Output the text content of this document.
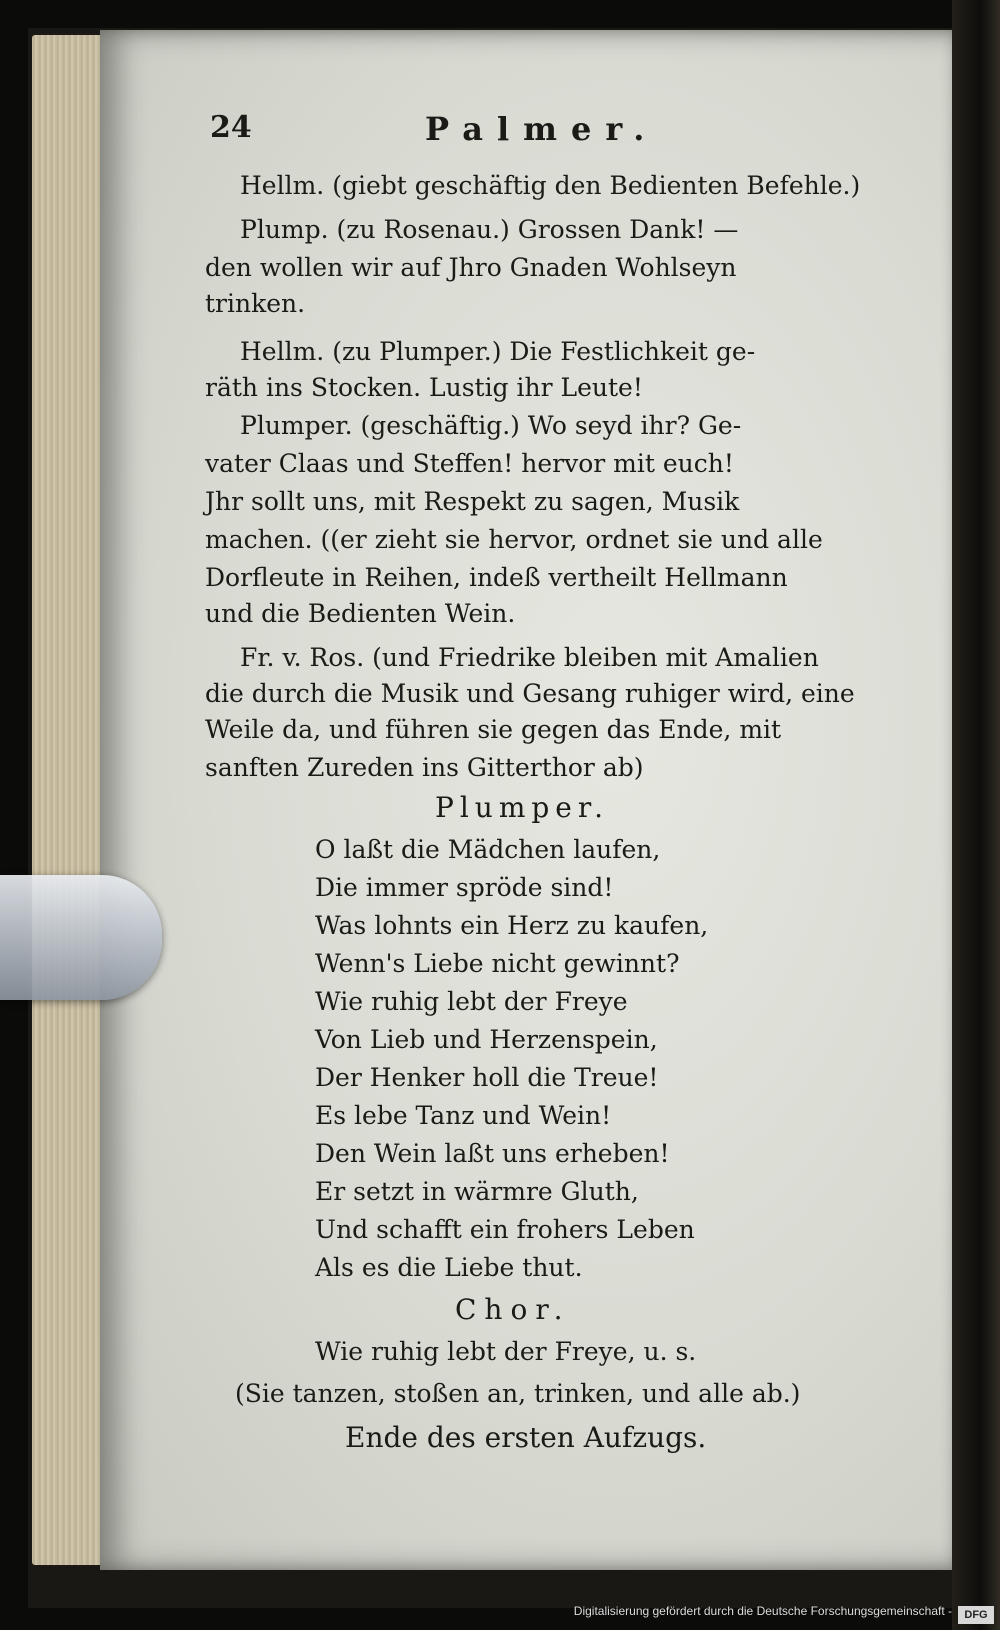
24	Palmer.
Hellm. (giebt geschäftig den Bedienten Befehle.)
Plump. (zu Rosenau.) Grossen Dank! —
den wollen wir auf Jhro Gnaden Wohlseyn
trinken.
Hellm. (zu Plumper.) Die Festlichkeit ge-
räth ins Stocken. Lustig ihr Leute!
Plumper. (geschäftig.) Wo seyd ihr? Ge-
vater Claas und Steffen! hervor mit euch!
Jhr sollt uns, mit Respekt zu sagen, Musik
machen. ((er zieht sie hervor, ordnet sie und alle
Dorfleute in Reihen, indeß vertheilt Hellmann
und die Bedienten Wein.
Fr. v. Ros. (und Friedrike bleiben mit Amalien
die durch die Musik und Gesang ruhiger wird, eine
Weile da, und führen sie gegen das Ende, mit
sanften Zureden ins Gitterthor ab)
Plumper.
O laßt die Mädchen laufen,
Die immer spröde sind!
Was lohnts ein Herz zu kaufen,
Wenn's Liebe nicht gewinnt?
Wie ruhig lebt der Freye
Von Lieb und Herzenspein,
Der Henker holl die Treue!
Es lebe Tanz und Wein!
Den Wein laßt uns erheben!
Er setzt in wärmre Gluth,
Und schafft ein frohers Leben
Als es die Liebe thut.
Chor.
Wie ruhig lebt der Freye, u. s.
(Sie tanzen, stoßen an, trinken, und alle ab.)
Ende des ersten Aufzugs.
Digitalisierung gefördert durch die Deutsche Forschungsgemeinschaft -	DFG
